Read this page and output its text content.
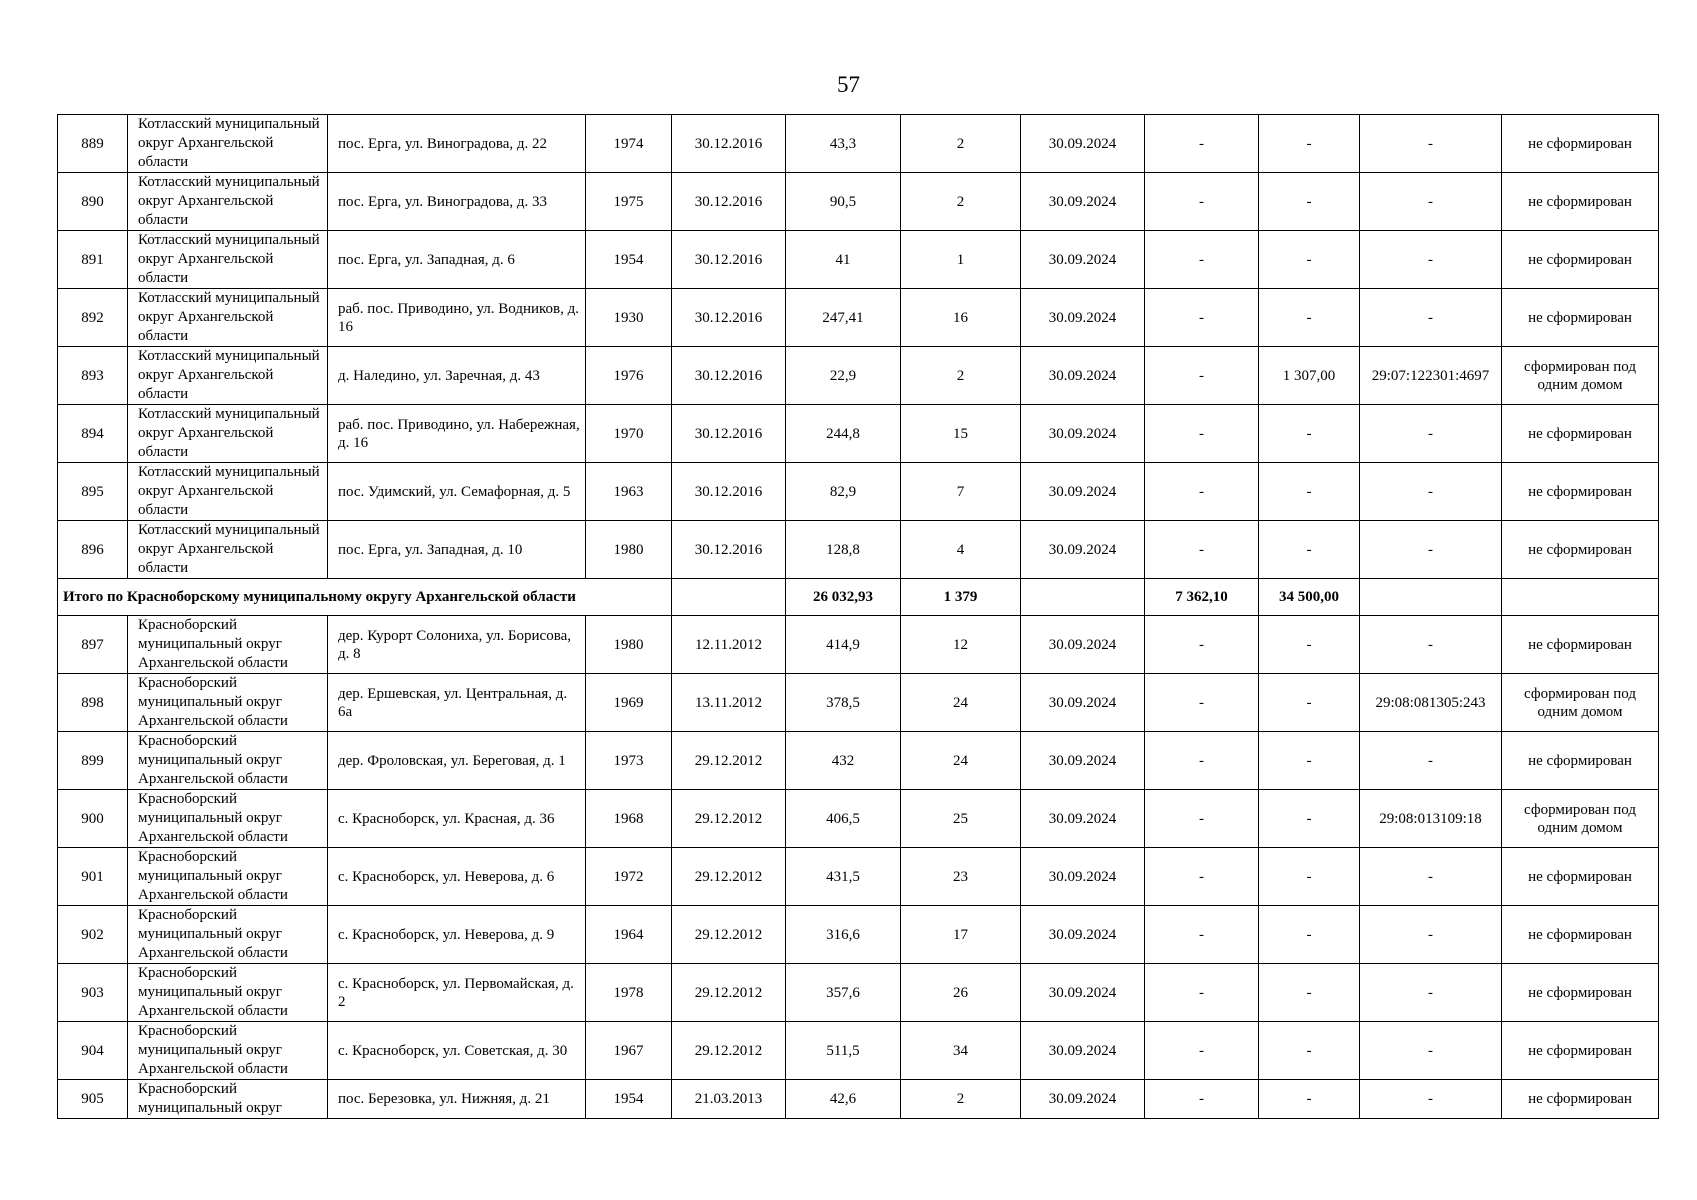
57
889	Котласский муниципальный округ Архангельской области	пос. Ерга, ул. Виноградова, д. 22	1974	30.12.2016	43,3	2	30.09.2024	-	-	-	не сформирован
890	Котласский муниципальный округ Архангельской области	пос. Ерга, ул. Виноградова, д. 33	1975	30.12.2016	90,5	2	30.09.2024	-	-	-	не сформирован
891	Котласский муниципальный округ Архангельской области	пос. Ерга, ул. Западная, д. 6	1954	30.12.2016	41	1	30.09.2024	-	-	-	не сформирован
892	Котласский муниципальный округ Архангельской области	раб. пос. Приводино, ул. Водников, д. 16	1930	30.12.2016	247,41	16	30.09.2024	-	-	-	не сформирован
893	Котласский муниципальный округ Архангельской области	д. Наледино, ул. Заречная, д. 43	1976	30.12.2016	22,9	2	30.09.2024	-	1 307,00	29:07:122301:4697	сформирован под одним домом
894	Котласский муниципальный округ Архангельской области	раб. пос. Приводино, ул. Набережная, д. 16	1970	30.12.2016	244,8	15	30.09.2024	-	-	-	не сформирован
895	Котласский муниципальный округ Архангельской области	пос. Удимский, ул. Семафорная, д. 5	1963	30.12.2016	82,9	7	30.09.2024	-	-	-	не сформирован
896	Котласский муниципальный округ Архангельской области	пос. Ерга, ул. Западная, д. 10	1980	30.12.2016	128,8	4	30.09.2024	-	-	-	не сформирован
Итого по Красноборскому муниципальному округу Архангельской области					26 032,93	1 379		7 362,10	34 500,00		
897	Красноборский муниципальный округ Архангельской области	дер. Курорт Солониха, ул. Борисова, д. 8	1980	12.11.2012	414,9	12	30.09.2024	-	-	-	не сформирован
898	Красноборский муниципальный округ Архангельской области	дер. Ершевская, ул. Центральная, д. 6а	1969	13.11.2012	378,5	24	30.09.2024	-	-	29:08:081305:243	сформирован под одним домом
899	Красноборский муниципальный округ Архангельской области	дер. Фроловская, ул. Береговая, д. 1	1973	29.12.2012	432	24	30.09.2024	-	-	-	не сформирован
900	Красноборский муниципальный округ Архангельской области	с. Красноборск, ул. Красная, д. 36	1968	29.12.2012	406,5	25	30.09.2024	-	-	29:08:013109:18	сформирован под одним домом
901	Красноборский муниципальный округ Архангельской области	с. Красноборск, ул. Неверова, д. 6	1972	29.12.2012	431,5	23	30.09.2024	-	-	-	не сформирован
902	Красноборский муниципальный округ Архангельской области	с. Красноборск, ул. Неверова, д. 9	1964	29.12.2012	316,6	17	30.09.2024	-	-	-	не сформирован
903	Красноборский муниципальный округ Архангельской области	с. Красноборск, ул. Первомайская, д. 2	1978	29.12.2012	357,6	26	30.09.2024	-	-	-	не сформирован
904	Красноборский муниципальный округ Архангельской области	с. Красноборск, ул. Советская, д. 30	1967	29.12.2012	511,5	34	30.09.2024	-	-	-	не сформирован
905	Красноборский муниципальный округ	пос. Березовка, ул. Нижняя, д. 21	1954	21.03.2013	42,6	2	30.09.2024	-	-	-	не сформирован
